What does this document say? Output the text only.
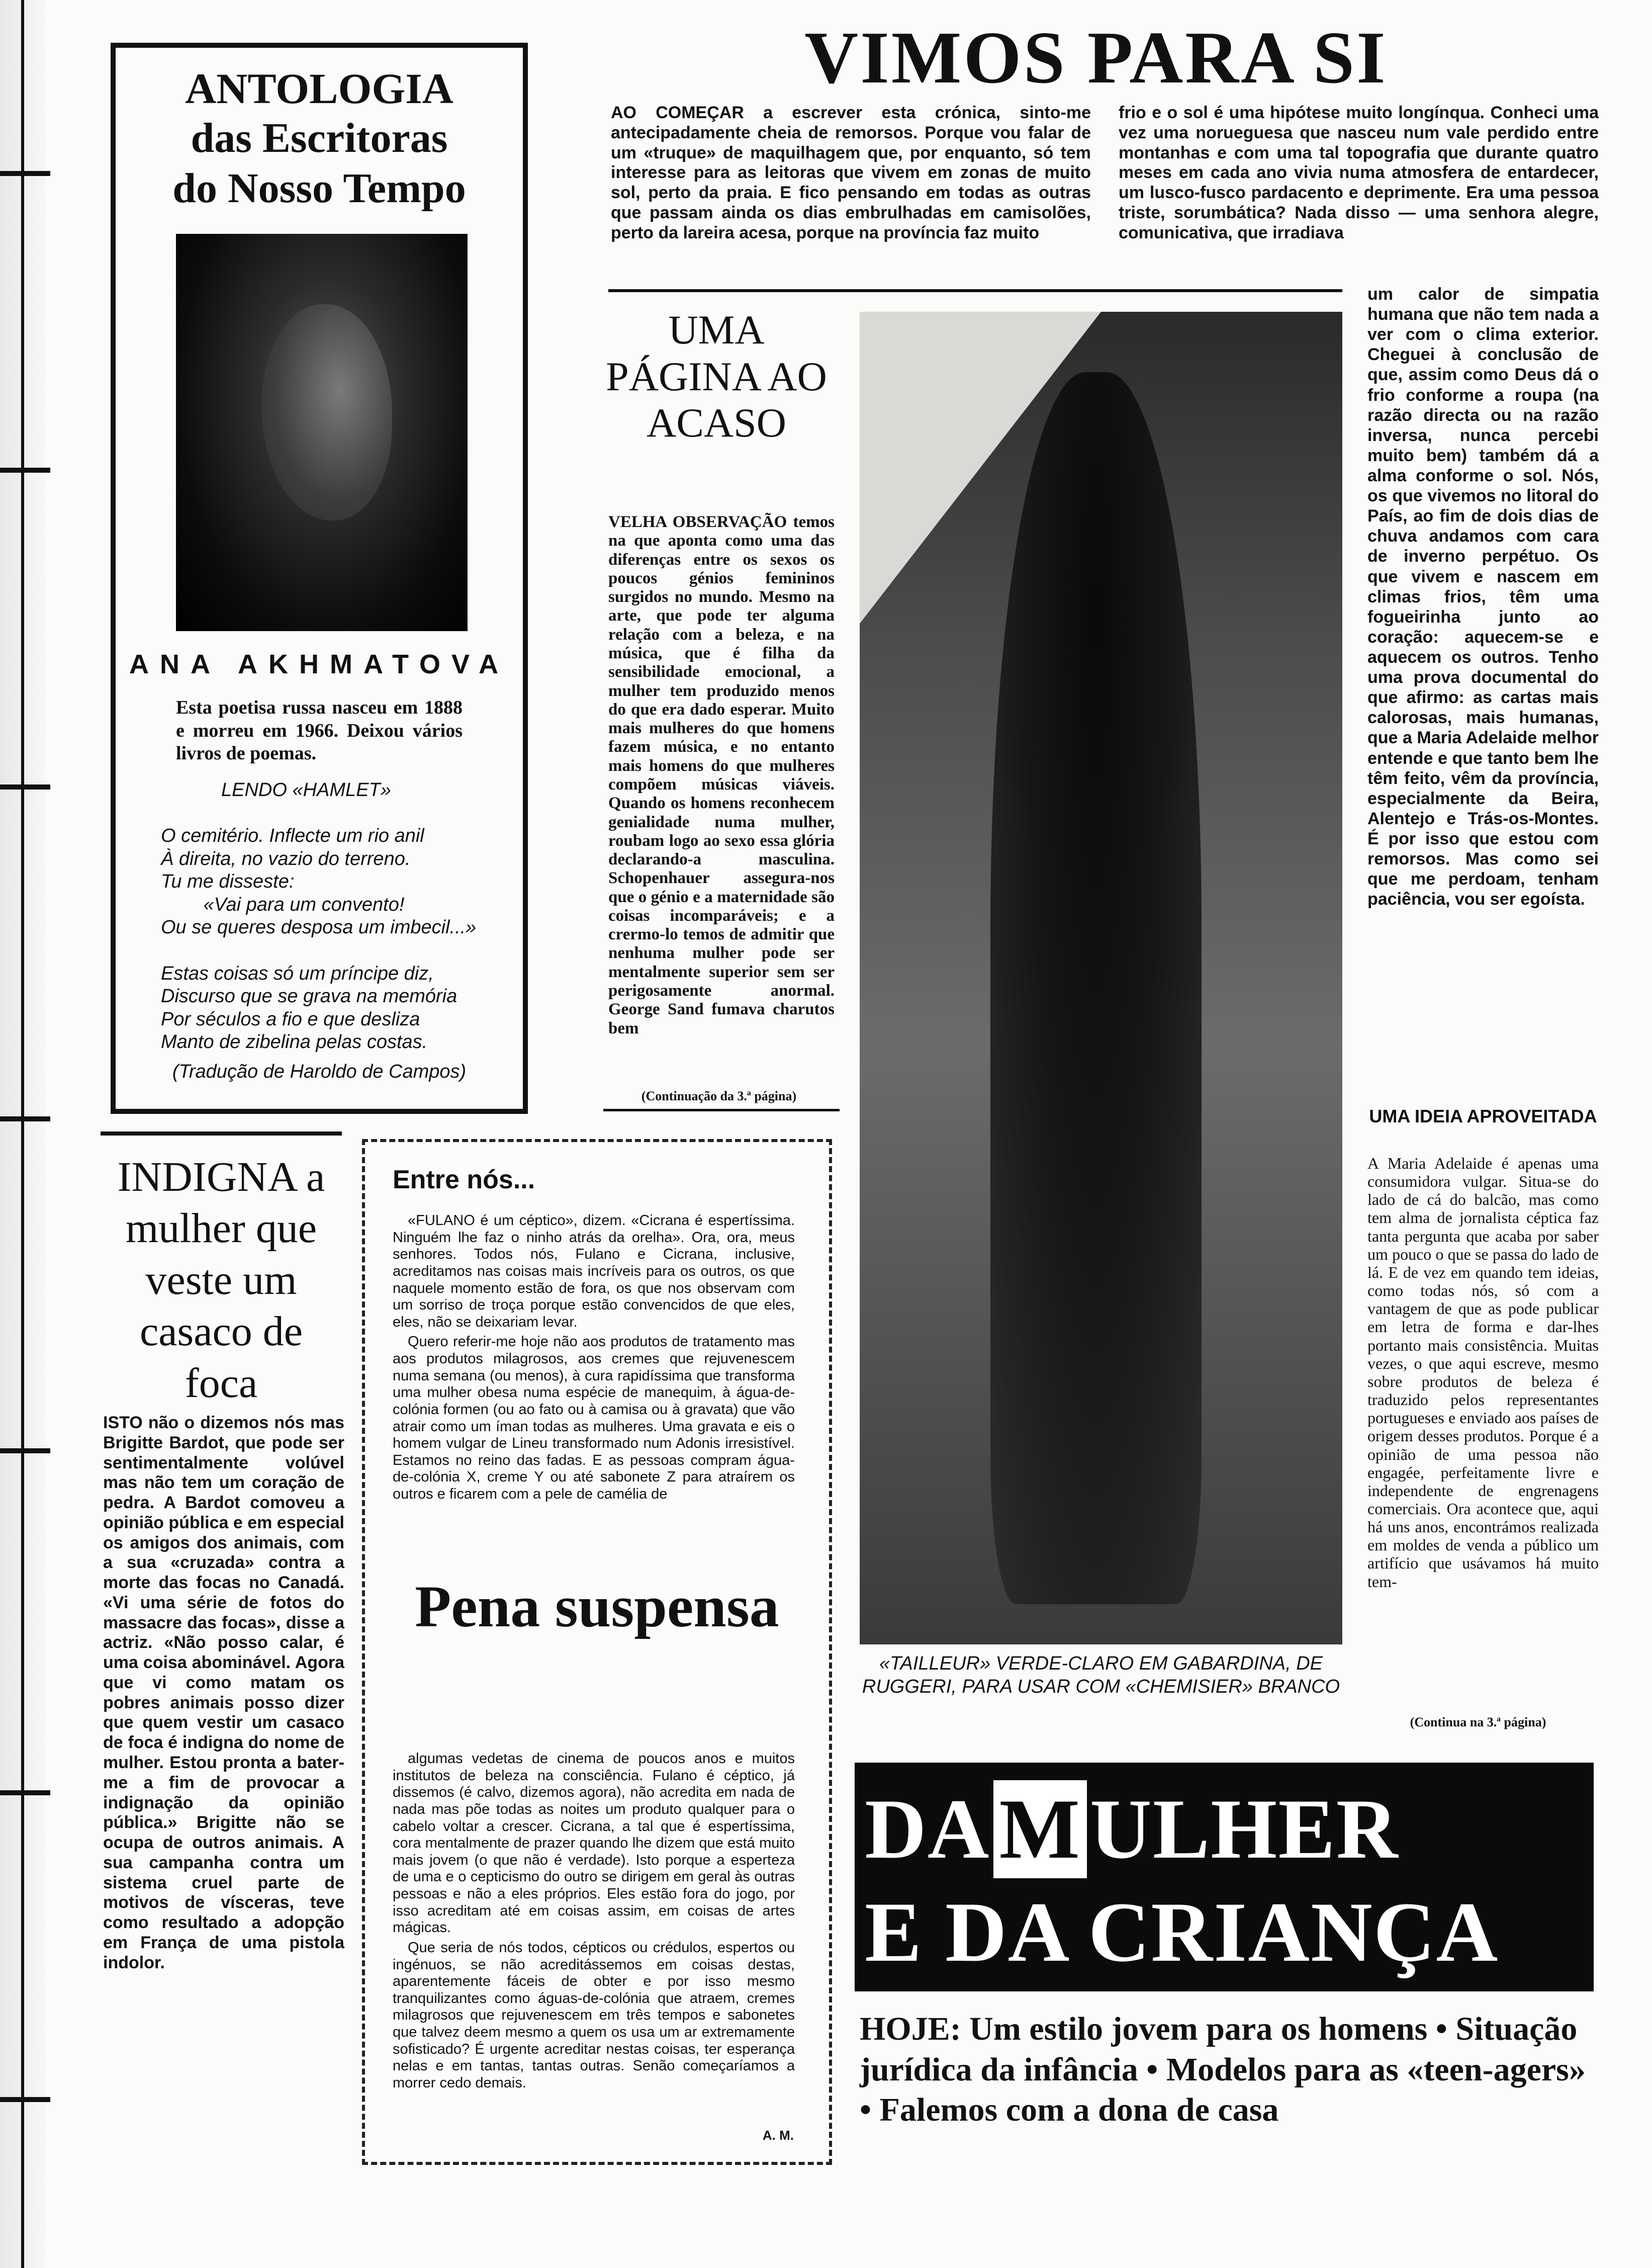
ANTOLOGIA
das Escritoras
do Nosso Tempo
ANA AKHMATOVA
Esta poetisa russa nasceu em 1888 e morreu em 1966. Deixou vários livros de poemas.
LENDO «HAMLET»
O cemitério. Inflecte um rio anil
À direita, no vazio do terreno.
Tu me disseste:
«Vai para um convento!
Ou se queres desposa um imbecil...»

Estas coisas só um príncipe diz,
Discurso que se grava na memória
Por séculos a fio e que desliza
Manto de zibelina pelas costas.
(Tradução de Haroldo de Campos)
VIMOS PARA SI
AO COMEÇAR a escrever esta crónica, sinto-me antecipadamente cheia de remorsos. Porque vou falar de um «truque» de maquilhagem que, por enquanto, só tem interesse para as leitoras que vivem em zonas de muito sol, perto da praia. E fico pensando em todas as outras que passam ainda os dias embrulhadas em camisolões, perto da lareira acesa, porque na província faz muito
frio e o sol é uma hipótese muito longínqua. Conheci uma vez uma norueguesa que nasceu num vale perdido entre montanhas e com uma tal topografia que durante quatro meses em cada ano vivia numa atmosfera de entardecer, um lusco-fusco pardacento e deprimente. Era uma pessoa triste, sorumbática? Nada disso — uma senhora alegre, comunicativa, que irradiava
um calor de simpatia humana que não tem nada a ver com o clima exterior. Cheguei à conclusão de que, assim como Deus dá o frio conforme a roupa (na razão directa ou na razão inversa, nunca percebi muito bem) também dá a alma conforme o sol. Nós, os que vivemos no litoral do País, ao fim de dois dias de chuva andamos com cara de inverno perpétuo. Os que vivem e nascem em climas frios, têm uma fogueirinha junto ao coração: aquecem-se e aquecem os outros. Tenho uma prova documental do que afirmo: as cartas mais calorosas, mais humanas, que a Maria Adelaide melhor entende e que tanto bem lhe têm feito, vêm da província, especialmente da Beira, Alentejo e Trás-os-Montes. É por isso que estou com remorsos. Mas como sei que me perdoam, tenham paciência, vou ser egoísta.
UMA PÁGINA AO ACASO
VELHA OBSERVAÇÃO temos na que aponta como uma das diferenças entre os sexos os poucos génios femininos surgidos no mundo. Mesmo na arte, que pode ter alguma relação com a beleza, e na música, que é filha da sensibilidade emocional, a mulher tem produzido menos do que era dado esperar. Muito mais mulheres do que homens fazem música, e no entanto mais homens do que mulheres compõem músicas viáveis. Quando os homens reconhecem genialidade numa mulher, roubam logo ao sexo essa glória declarando-a masculina. Schopenhauer assegura-nos que o génio e a maternidade são coisas incomparáveis; e a crermo-lo temos de admitir que nenhuma mulher pode ser mentalmente superior sem ser perigosamente anormal. George Sand fumava charutos bem
(Continuação da 3.ª página)
«TAILLEUR» VERDE-CLARO EM GABARDINA, DE RUGGERI, PARA USAR COM «CHEMISIER» BRANCO
UMA IDEIA APROVEITADA
A Maria Adelaide é apenas uma consumidora vulgar. Situa-se do lado de cá do balcão, mas como tem alma de jornalista céptica faz tanta pergunta que acaba por saber um pouco o que se passa do lado de lá. E de vez em quando tem ideias, como todas nós, só com a vantagem de que as pode publicar em letra de forma e dar-lhes portanto mais consistência. Muitas vezes, o que aqui escreve, mesmo sobre produtos de beleza é traduzido pelos representantes portugueses e enviado aos países de origem desses produtos. Porque é a opinião de uma pessoa não engagée, perfeitamente livre e independente de engrenagens comerciais. Ora acontece que, aqui há uns anos, encontrámos realizada em moldes de venda a público um artifício que usávamos há muito tem-
(Continua na 3.ª página)
INDIGNA a mulher que veste um casaco de foca
ISTO não o dizemos nós mas Brigitte Bardot, que pode ser sentimentalmente volúvel mas não tem um coração de pedra. A Bardot comoveu a opinião pública e em especial os amigos dos animais, com a sua «cruzada» contra a morte das focas no Canadá. «Vi uma série de fotos do massacre das focas», disse a actriz. «Não posso calar, é uma coisa abominável. Agora que vi como matam os pobres animais posso dizer que quem vestir um casaco de foca é indigna do nome de mulher. Estou pronta a bater-me a fim de provocar a indignação da opinião pública.» Brigitte não se ocupa de outros animais. A sua campanha contra um sistema cruel parte de motivos de vísceras, teve como resultado a adopção em França de uma pistola indolor.
Entre nós...

«FULANO é um céptico», dizem. «Cicrana é espertíssima. Ninguém lhe faz o ninho atrás da orelha». Ora, ora, meus senhores. Todos nós, Fulano e Cicrana, inclusive, acreditamos nas coisas mais incríveis para os outros, os que naquele momento estão de fora, os que nos observam com um sorriso de troça porque estão convencidos de que eles, eles, não se deixariam levar.

Quero referir-me hoje não aos produtos de tratamento mas aos produtos milagrosos, aos cremes que rejuvenescem numa semana (ou menos), à cura rapidíssima que transforma uma mulher obesa numa espécie de manequim, à água-de-colónia formen (ou ao fato ou à camisa ou à gravata) que vão atrair como um íman todas as mulheres. Uma gravata e eis o homem vulgar de Lineu transformado num Adonis irresistível. Estamos no reino das fadas. E as pessoas compram água-de-colónia X, creme Y ou até sabonete Z para atraírem os outros e ficarem com a pele de camélia de

Pena suspensa

algumas vedetas de cinema de poucos anos e muitos institutos de beleza na consciência. Fulano é céptico, já dissemos (é calvo, dizemos agora), não acredita em nada de nada mas põe todas as noites um produto qualquer para o cabelo voltar a crescer. Cicrana, a tal que é espertíssima, cora mentalmente de prazer quando lhe dizem que está muito mais jovem (o que não é verdade). Isto porque a esperteza de uma e o cepticismo do outro se dirigem em geral às outras pessoas e não a eles próprios. Eles estão fora do jogo, por isso acreditam até em coisas assim, em coisas de artes mágicas.

Que seria de nós todos, cépticos ou crédulos, espertos ou ingénuos, se não acreditássemos em coisas destas, aparentemente fáceis de obter e por isso mesmo tranquilizantes como águas-de-colónia que atraem, cremes milagrosos que rejuvenescem em três tempos e sabonetes que talvez deem mesmo a quem os usa um ar extremamente sofisticado? É urgente acreditar nestas coisas, ter esperança nelas e em tantas, tantas outras. Senão começaríamos a morrer cedo demais.

A. M.
DA M ULHER
E DA CRIANÇA
HOJE: Um estilo jovem para os homens • Situação jurídica da infância • Modelos para as «teen-agers» • Falemos com a dona de casa
